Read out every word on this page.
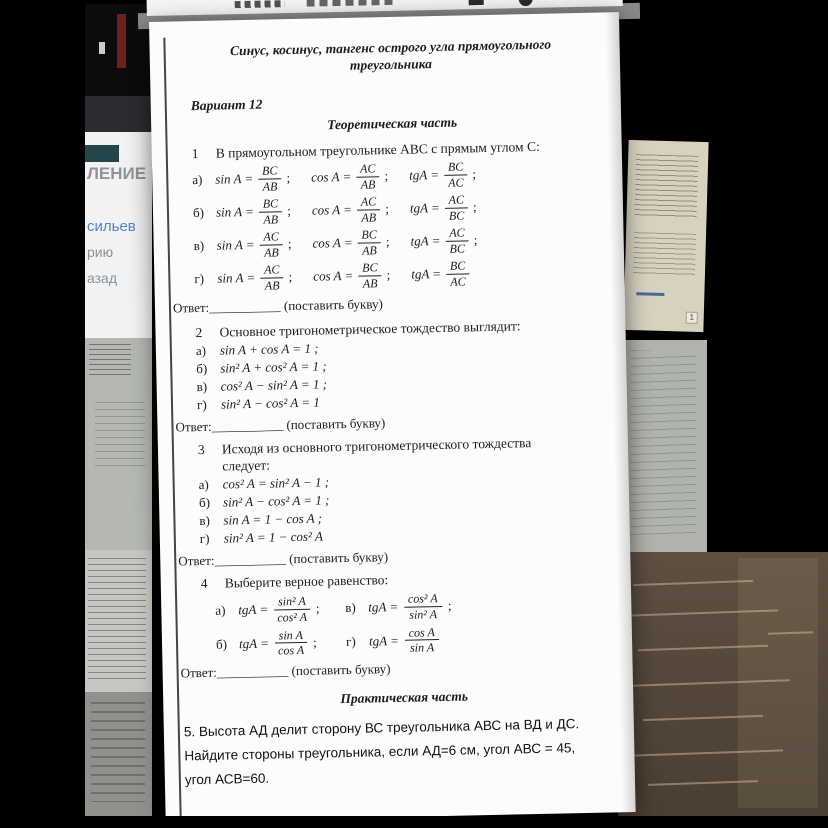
ЛЕНИЕ
сильев
рию
азад
1
Синус, косинус, тангенс острого угла прямоугольного
треугольника
Вариант 12
Теоретическая часть
1 В прямоугольном треугольнике ABC с прямым углом C:
а) $\sin A = \frac{BC}{AB}$ ; $\cos A = \frac{AC}{AB}$ ; tgA = $\frac{BC}{AC}$ ;
б) $\sin A = \frac{BC}{AB}$ ; $\cos A = \frac{AC}{AB}$ ; tgA = $\frac{AC}{BC}$ ;
в) $\sin A = \frac{AC}{AB}$ ; $\cos A = \frac{BC}{AB}$ ; tgA = $\frac{AC}{BC}$ ;
г)	$\sin A = \frac{AC}{AB}$ ; $\cos A = \frac{BC}{AB}$ ; tgA = $\frac{BC}{AC}$
Ответ:___________ (поставить букву)
2 Основное тригонометрическое тождество выглядит:
а)	sin A + cos A = 1 ;
б) sin² A + cos² A = 1 ;
в)	cos² A − sin² A = 1 ;
г)	sin² A − cos² A = 1
Ответ:___________ (поставить букву)
3 Исходя из основного тригонометрического тождества
следует:
а)	cos² A = sin² A − 1 ;
б) sin² A − cos² A = 1 ;
в)	sin A = 1 − cos A ;
г)	sin² A = 1 − cos² A
Ответ:___________ (поставить букву)
4 Выберите верное равенство:
а) tgA = $\frac{\text{sin² A}}{\text{cos² A}}$ ; в) tgA = $\frac{\text{cos² A}}{\text{sin² A}}$ ;
б) tgA = $\frac{\text{sin A}}{\text{cos A}}$ ; г)	tgA = $\frac{\text{cos A}}{\text{sin A}}$
Ответ:___________ (поставить букву)
Практическая часть
5. Высота АД делит сторону ВС треугольника АВС на ВД и ДС.
Найдите стороны треугольника, если АД=6 см, угол АВС = 45,
угол АСВ=60.
